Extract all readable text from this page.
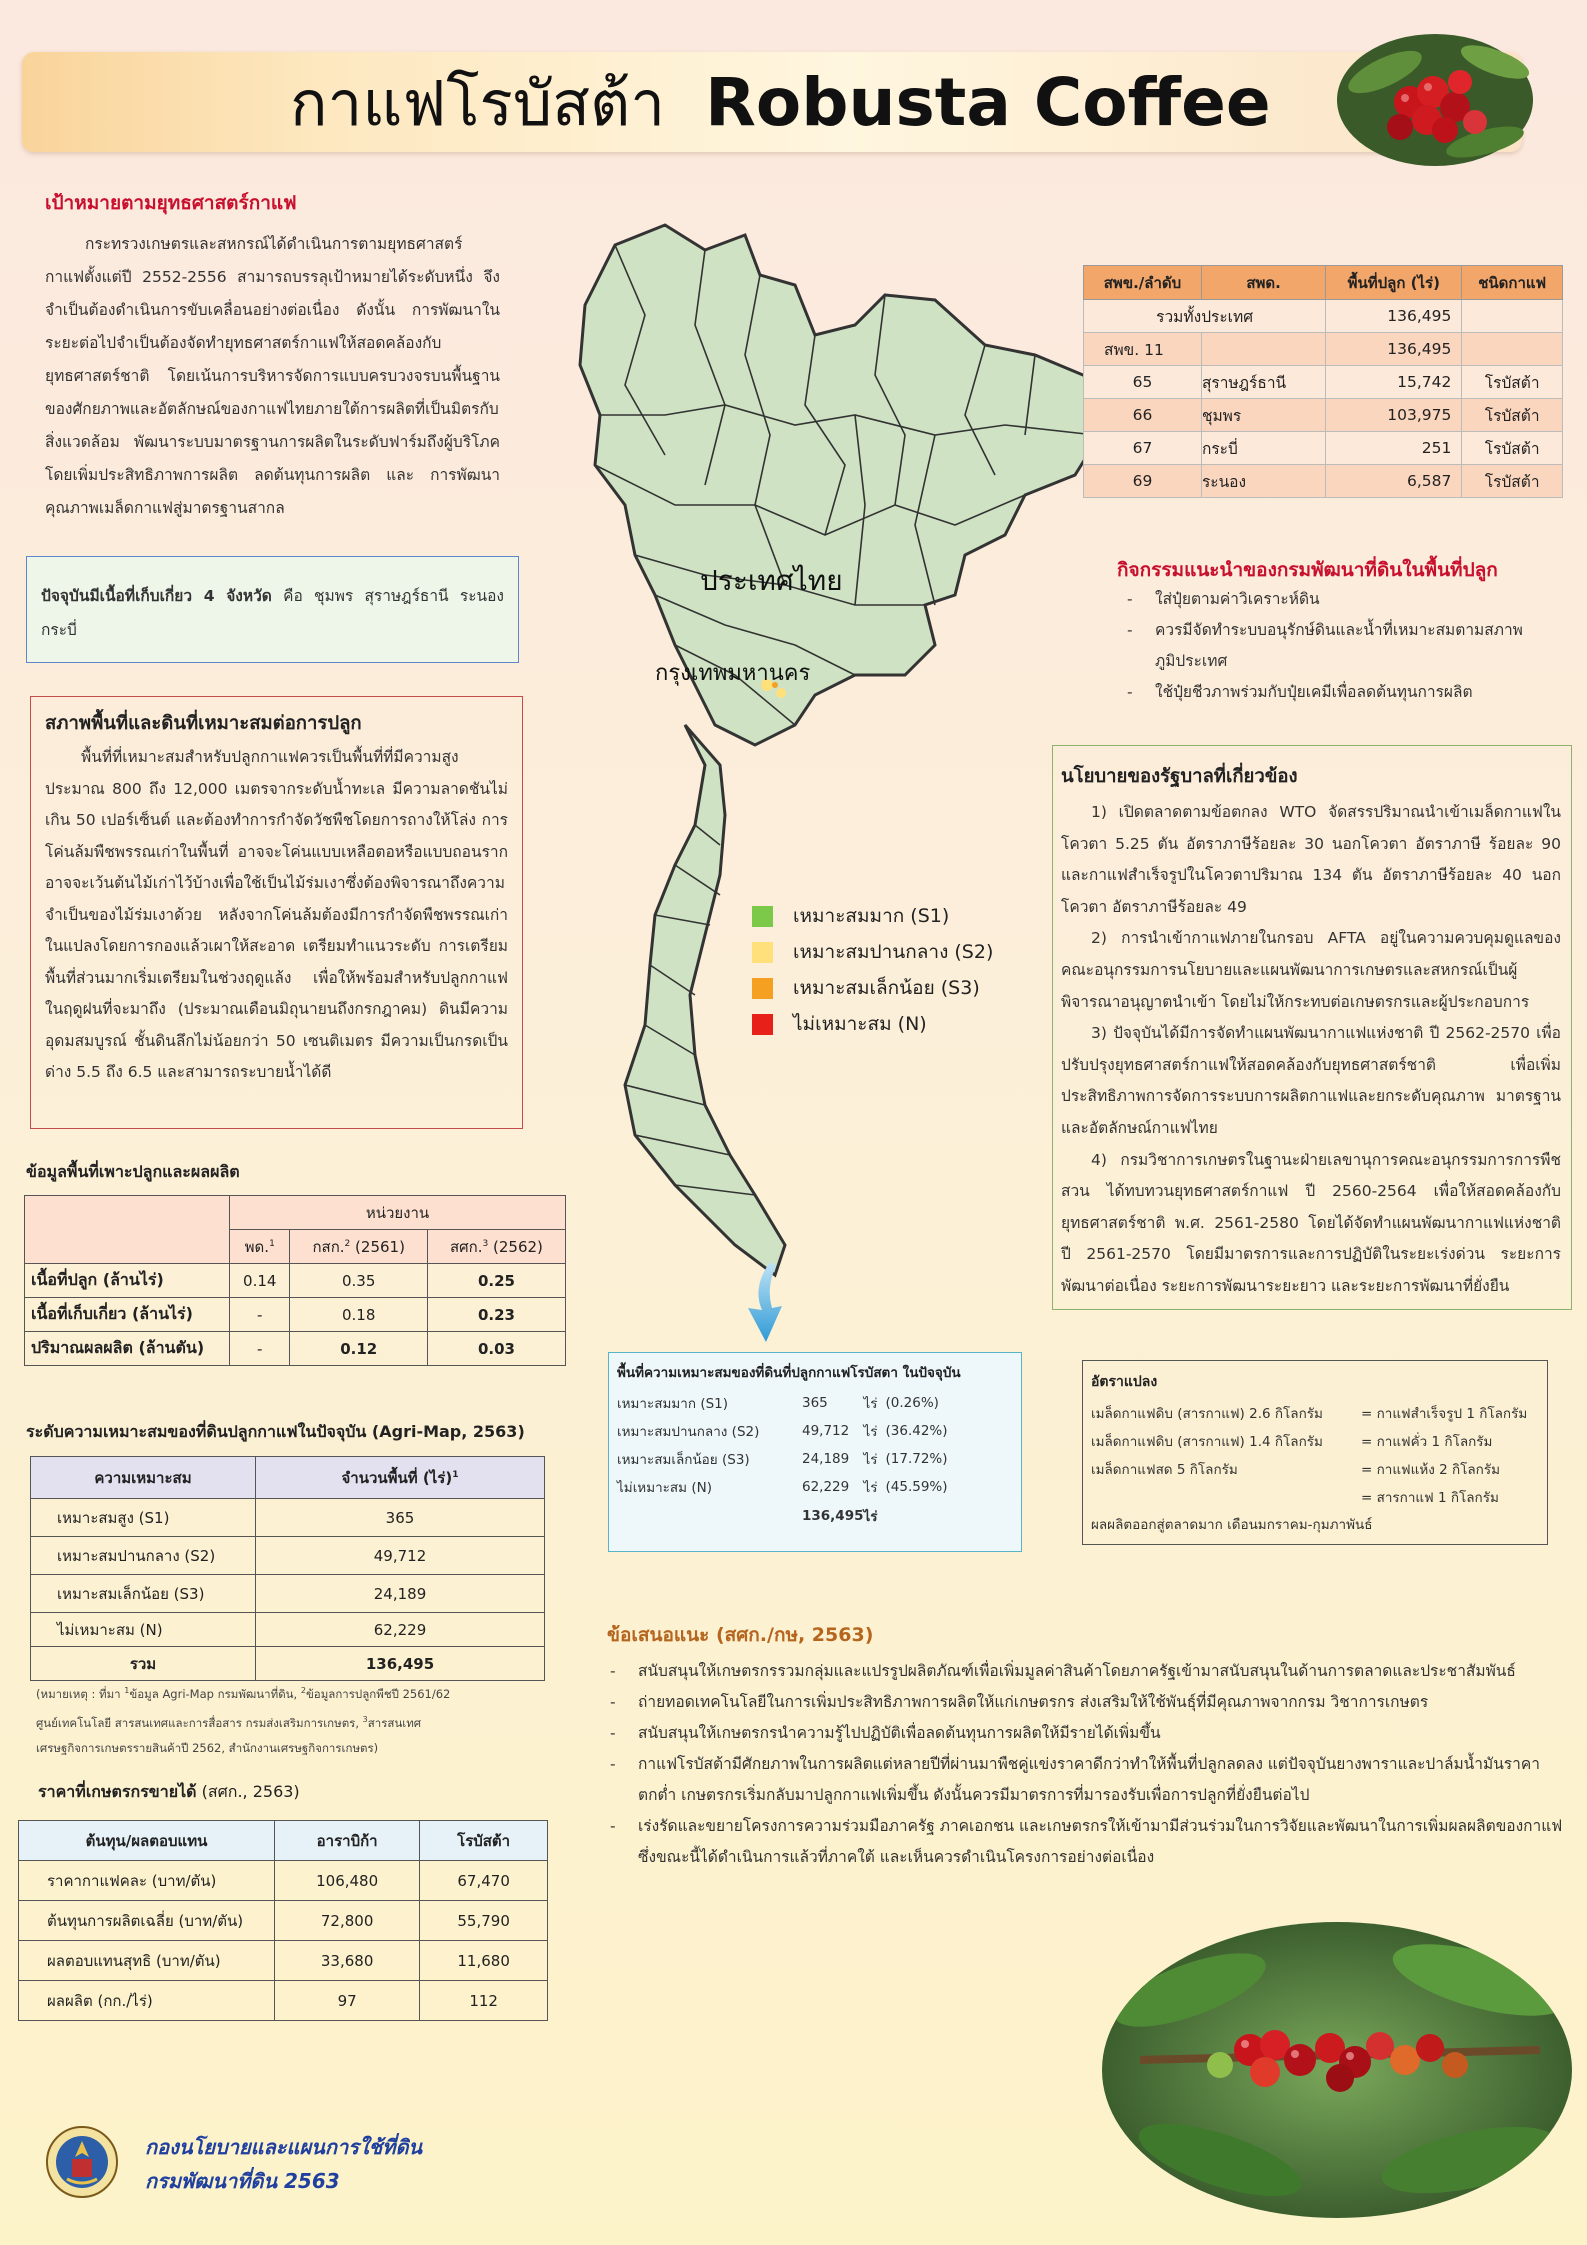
กาแฟโรบัสต้า Robusta Coffee
เป้าหมายตามยุทธศาสตร์กาแฟ
กระทรวงเกษตรและสหกรณ์ได้ดำเนินการตามยุทธศาสตร์กาแฟตั้งแต่ปี 2552-2556 สามารถบรรลุเป้าหมายได้ระดับหนึ่ง จึงจำเป็นต้องดำเนินการขับเคลื่อนอย่างต่อเนื่อง ดังนั้น การพัฒนาในระยะต่อไปจำเป็นต้องจัดทำยุทธศาสตร์กาแฟให้สอดคล้องกับยุทธศาสตร์ชาติ โดยเน้นการบริหารจัดการแบบครบวงจรบนพื้นฐานของศักยภาพและอัตลักษณ์ของกาแฟไทยภายใต้การผลิตที่เป็นมิตรกับสิ่งแวดล้อม พัฒนาระบบมาตรฐานการผลิตในระดับฟาร์มถึงผู้บริโภคโดยเพิ่มประสิทธิภาพการผลิต ลดต้นทุนการผลิต และ การพัฒนาคุณภาพเมล็ดกาแฟสู่มาตรฐานสากล
ปัจจุบันมีเนื้อที่เก็บเกี่ยว 4 จังหวัด คือ ชุมพร สุราษฎร์ธานี ระนอง กระบี่
สภาพพื้นที่และดินที่เหมาะสมต่อการปลูก
พื้นที่ที่เหมาะสมสำหรับปลูกกาแฟควรเป็นพื้นที่ที่มีความสูงประมาณ 800 ถึง 12,000 เมตรจากระดับน้ำทะเล มีความลาดชันไม่เกิน 50 เปอร์เซ็นต์ และต้องทำการกำจัดวัชพืชโดยการถางให้โล่ง การโค่นล้มพืชพรรณเก่าในพื้นที่ อาจจะโค่นแบบเหลือตอหรือแบบถอนราก อาจจะเว้นต้นไม้เก่าไว้บ้างเพื่อใช้เป็นไม้ร่มเงาซึ่งต้องพิจารณาถึงความจำเป็นของไม้ร่มเงาด้วย หลังจากโค่นล้มต้องมีการกำจัดพืชพรรณเก่าในแปลงโดยการกองแล้วเผาให้สะอาด เตรียมทำแนวระดับ การเตรียมพื้นที่ส่วนมากเริ่มเตรียมในช่วงฤดูแล้ง เพื่อให้พร้อมสำหรับปลูกกาแฟในฤดูฝนที่จะมาถึง (ประมาณเดือนมิถุนายนถึงกรกฎาคม) ดินมีความอุดมสมบูรณ์ ชั้นดินลึกไม่น้อยกว่า 50 เซนติเมตร มีความเป็นกรดเป็นด่าง 5.5 ถึง 6.5 และสามารถระบายน้ำได้ดี
ข้อมูลพื้นที่เพาะปลูกและผลผลิต
	หน่วยงาน		
	พด.$^1$	กสก.$^2$ (2561)	สศก.$^3$ (2562)
เนื้อที่ปลูก (ล้านไร่)	0.14	0.35	0.25
เนื้อที่เก็บเกี่ยว (ล้านไร่)	-	0.18	0.23
ปริมาณผลผลิต (ล้านตัน)	-	0.12	0.03
ระดับความเหมาะสมของที่ดินปลูกกาแฟในปัจจุบัน (Agri-Map, 2563)
ความเหมาะสม	จำนวนพื้นที่ (ไร่)$^1$
เหมาะสมสูง (S1)	365
เหมาะสมปานกลาง (S2)	49,712
เหมาะสมเล็กน้อย (S3)	24,189
ไม่เหมาะสม (N)	62,229
รวม	136,495
(หมายเหตุ : ที่มา $^1$ข้อมูล Agri-Map กรมพัฒนาที่ดิน, $^2$ข้อมูลการปลูกพืชปี 2561/62
ศูนย์เทคโนโลยี สารสนเทศและการสื่อสาร กรมส่งเสริมการเกษตร, $^3$สารสนเทศ
เศรษฐกิจการเกษตรรายสินค้าปี 2562, สำนักงานเศรษฐกิจการเกษตร)
ราคาที่เกษตรกรขายได้ (สศก., 2563)
ต้นทุน/ผลตอบแทน	อาราบิก้า	โรบัสต้า
ราคากาแฟคละ (บาท/ตัน)	106,480	67,470
ต้นทุนการผลิตเฉลี่ย (บาท/ตัน)	72,800	55,790
ผลตอบแทนสุทธิ (บาท/ตัน)	33,680	11,680
ผลผลิต (กก./ไร่)	97	112
ประเทศไทย
กรุงเทพมหานคร
เหมาะสมมาก (S1)
เหมาะสมปานกลาง (S2)
เหมาะสมเล็กน้อย (S3)
ไม่เหมาะสม (N)
สพข./ลำดับ	สพด.	พื้นที่ปลูก (ไร่)	ชนิดกาแฟ
รวมทั้งประเทศ		136,495	
สพข. 11		136,495	
65	สุราษฎร์ธานี	15,742	โรบัสต้า
66	ชุมพร	103,975	โรบัสต้า
67	กระบี่	251	โรบัสต้า
69	ระนอง	6,587	โรบัสต้า
กิจกรรมแนะนำของกรมพัฒนาที่ดินในพื้นที่ปลูก
- ใส่ปุ๋ยตามค่าวิเคราะห์ดิน
- ควรมีจัดทำระบบอนุรักษ์ดินและน้ำที่เหมาะสมตามสภาพภูมิประเทศ
- ใช้ปุ๋ยชีวภาพร่วมกับปุ๋ยเคมีเพื่อลดต้นทุนการผลิต
นโยบายของรัฐบาลที่เกี่ยวข้อง
1) เปิดตลาดตามข้อตกลง WTO จัดสรรปริมาณนำเข้าเมล็ดกาแฟในโควตา 5.25 ตัน อัตราภาษีร้อยละ 30 นอกโควตา อัตราภาษี ร้อยละ 90 และกาแฟสำเร็จรูปในโควตาปริมาณ 134 ตัน อัตราภาษีร้อยละ 40 นอกโควตา อัตราภาษีร้อยละ 49
2) การนำเข้ากาแฟภายในกรอบ AFTA อยู่ในความควบคุมดูแลของคณะอนุกรรมการนโยบายและแผนพัฒนาการเกษตรและสหกรณ์เป็นผู้พิจารณาอนุญาตนำเข้า โดยไม่ให้กระทบต่อเกษตรกรและผู้ประกอบการ
3) ปัจจุบันได้มีการจัดทำแผนพัฒนากาแฟแห่งชาติ ปี 2562-2570 เพื่อปรับปรุงยุทธศาสตร์กาแฟให้สอดคล้องกับยุทธศาสตร์ชาติ เพื่อเพิ่มประสิทธิภาพการจัดการระบบการผลิตกาแฟและยกระดับคุณภาพ มาตรฐานและอัตลักษณ์กาแฟไทย
4) กรมวิชาการเกษตรในฐานะฝ่ายเลขานุการคณะอนุกรรมการการพืชสวน ได้ทบทวนยุทธศาสตร์กาแฟ ปี 2560-2564 เพื่อให้สอดคล้องกับยุทธศาสตร์ชาติ พ.ศ. 2561-2580 โดยได้จัดทำแผนพัฒนากาแฟแห่งชาติ ปี 2561-2570 โดยมีมาตรการและการปฏิบัติในระยะเร่งด่วน ระยะการพัฒนาต่อเนื่อง ระยะการพัฒนาระยะยาว และระยะการพัฒนาที่ยั่งยืน
พื้นที่ความเหมาะสมของที่ดินที่ปลูกกาแฟโรบัสตา ในปัจจุบัน
เหมาะสมมาก (S1)	365	ไร่	(0.26%)
เหมาะสมปานกลาง (S2)	49,712	ไร่	(36.42%)
เหมาะสมเล็กน้อย (S3)	24,189	ไร่	(17.72%)
ไม่เหมาะสม (N)	62,229	ไร่	(45.59%)
	136,495	ไร่	
อัตราแปลง
เมล็ดกาแฟดิบ (สารกาแฟ) 2.6 กิโลกรัม	= กาแฟสำเร็จรูป 1 กิโลกรัม
เมล็ดกาแฟดิบ (สารกาแฟ) 1.4 กิโลกรัม	= กาแฟคั่ว 1 กิโลกรัม
เมล็ดกาแฟสด 5 กิโลกรัม	= กาแฟแห้ง 2 กิโลกรัม
	= สารกาแฟ 1 กิโลกรัม
ผลผลิตออกสู่ตลาดมาก เดือนมกราคม-กุมภาพันธ์
ข้อเสนอแนะ (สศก./กษ, 2563)
- สนับสนุนให้เกษตรกรรวมกลุ่มและแปรรูปผลิตภัณฑ์เพื่อเพิ่มมูลค่าสินค้าโดยภาครัฐเข้ามาสนับสนุนในด้านการตลาดและประชาสัมพันธ์
- ถ่ายทอดเทคโนโลยีในการเพิ่มประสิทธิภาพการผลิตให้แก่เกษตรกร ส่งเสริมให้ใช้พันธุ์ที่มีคุณภาพจากกรม วิชาการเกษตร
- สนับสนุนให้เกษตรกรนำความรู้ไปปฏิบัติเพื่อลดต้นทุนการผลิตให้มีรายได้เพิ่มขึ้น
- กาแฟโรบัสต้ามีศักยภาพในการผลิตแต่หลายปีที่ผ่านมาพืชคู่แข่งราคาดีกว่าทำให้พื้นที่ปลูกลดลง แต่ปัจจุบันยางพาราและปาล์มน้ำมันราคาตกต่ำ เกษตรกรเริ่มกลับมาปลูกกาแฟเพิ่มขึ้น ดังนั้นควรมีมาตรการที่มารองรับเพื่อการปลูกที่ยั่งยืนต่อไป
- เร่งรัดและขยายโครงการความร่วมมือภาครัฐ ภาคเอกชน และเกษตรกรให้เข้ามามีส่วนร่วมในการวิจัยและพัฒนาในการเพิ่มผลผลิตของกาแฟ ซึ่งขณะนี้ได้ดำเนินการแล้วที่ภาคใต้ และเห็นควรดำเนินโครงการอย่างต่อเนื่อง
กองนโยบายและแผนการใช้ที่ดิน
กรมพัฒนาที่ดิน 2563
